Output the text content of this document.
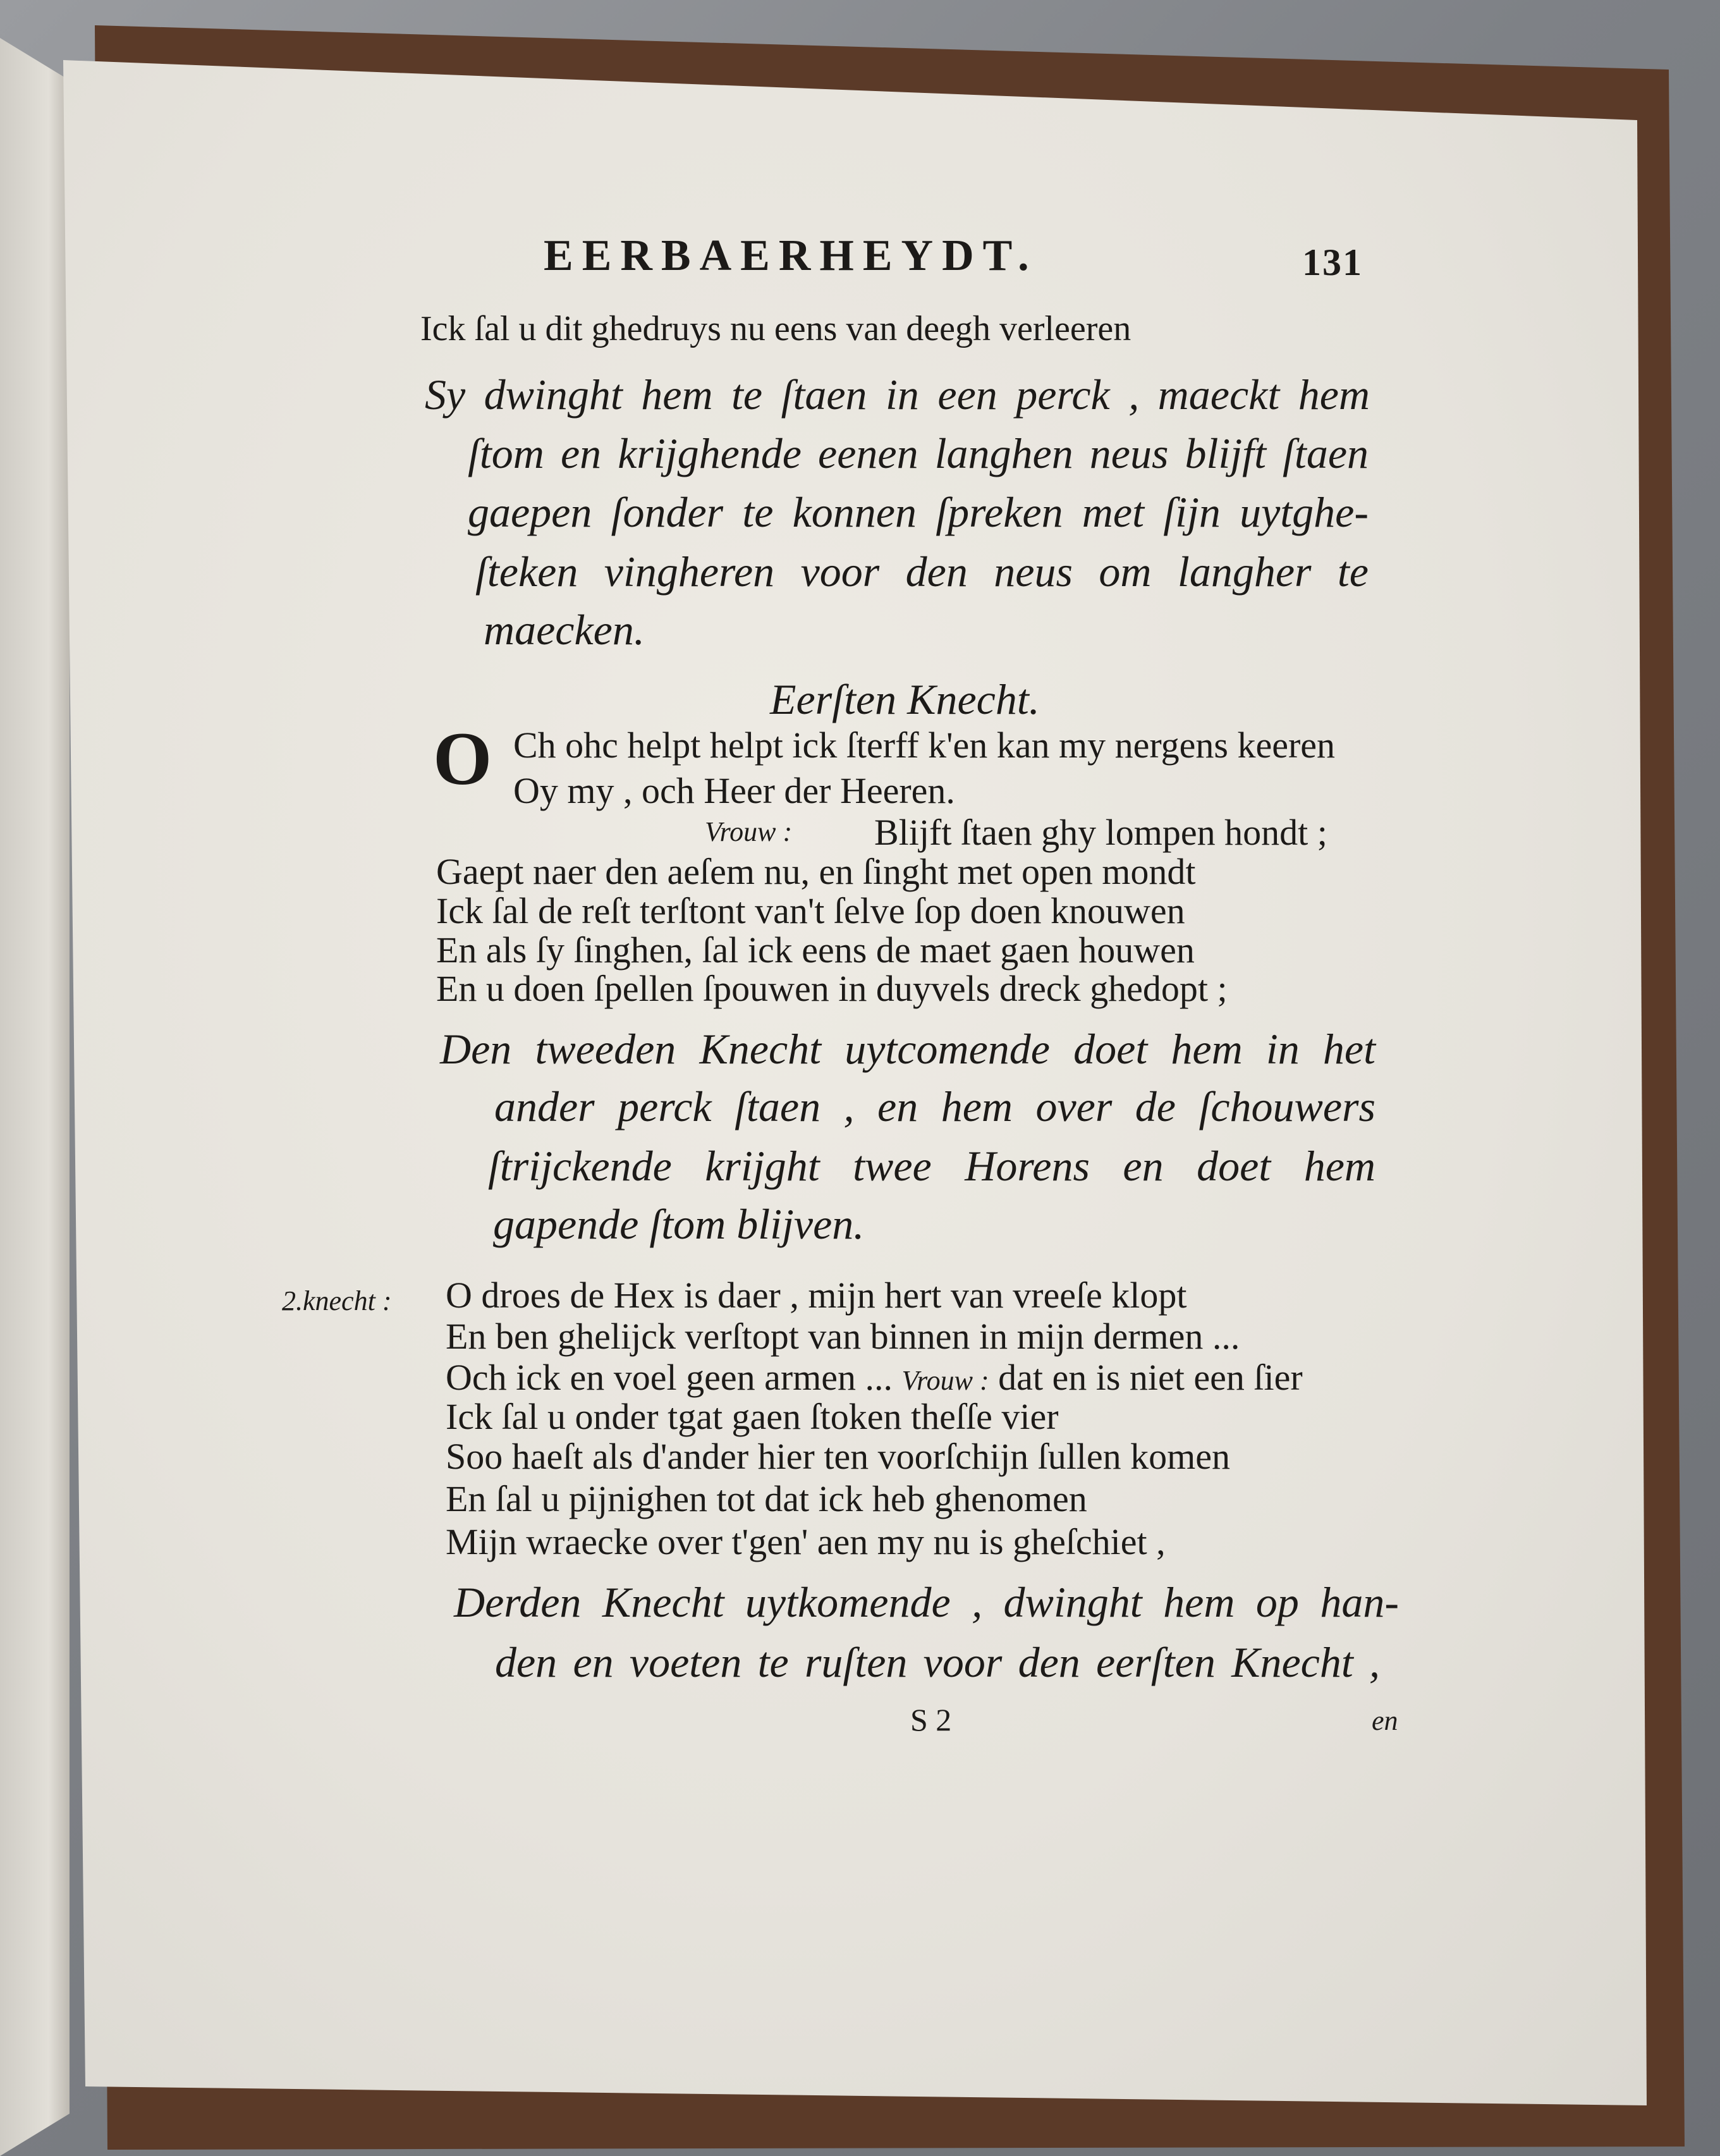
EERBAERHEYDT.	131
Ick ſal u dit ghedruys nu eens van deegh verleeren
Sy dwinght hem te ſtaen in een perck , maeckt hem
ſtom en krijghende eenen langhen neus blijft ſtaen
gaepen ſonder te konnen ſpreken met ſijn uytghe-
ſteken vingheren voor den neus om langher te
maecken.
Eerſten Knecht.
O Ch ohc helpt helpt ick ſterff k'en kan my nergens keeren
Oy my , och Heer der Heeren.
Vrouw : Blijft ſtaen ghy lompen hondt ;
Gaept naer den aeſem nu, en ſinght met open mondt
Ick ſal de reſt terſtont van't ſelve ſop doen knouwen
En als ſy ſinghen, ſal ick eens de maet gaen houwen
En u doen ſpellen ſpouwen in duyvels dreck ghedopt ;
Den tweeden Knecht uytcomende doet hem in het
ander perck ſtaen , en hem over de ſchouwers
ſtrijckende krijght twee Horens en doet hem
gapende ſtom blijven.
2.knecht : O droes de Hex is daer , mijn hert van vreeſe klopt
En ben ghelijck verſtopt van binnen in mijn dermen ...
Och ick en voel geen armen ... Vrouw : dat en is niet een ſier
Ick ſal u onder tgat gaen ſtoken theſſe vier
Soo haeſt als d'ander hier ten voorſchijn ſullen komen
En ſal u pijnighen tot dat ick heb ghenomen
Mijn wraecke over t'gen' aen my nu is gheſchiet ,
Derden Knecht uytkomende , dwinght hem op han-
den en voeten te ruſten voor den eerſten Knecht ,
S 2	en
